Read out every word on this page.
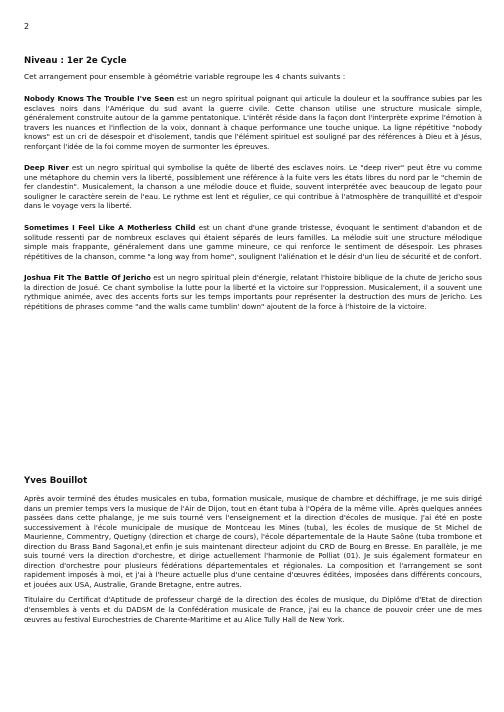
2
Niveau : 1er 2e Cycle
Cet arrangement pour ensemble à géométrie variable regroupe les 4 chants suivants :

Nobody Knows The Trouble I've Seen est un negro spiritual poignant qui articule la douleur et la souffrance subies par les esclaves noirs dans l'Amérique du sud avant la guerre civile. Cette chanson utilise une structure musicale simple, généralement construite autour de la gamme pentatonique. L'intérêt réside dans la façon dont l'interprète exprime l'émotion à travers les nuances et l'inflection de la voix, donnant à chaque performance une touche unique. La ligne répétitive "nobody knows" est un cri de désespoir et d'isolement, tandis que l'élément spirituel est souligné par des références à Dieu et à Jésus, renforçant l'idée de la foi comme moyen de surmonter les épreuves.

Deep River est un negro spiritual qui symbolise la quête de liberté des esclaves noirs. Le "deep river" peut être vu comme une métaphore du chemin vers la liberté, possiblement une référence à la fuite vers les états libres du nord par le "chemin de fer clandestin". Musicalement, la chanson a une mélodie douce et fluide, souvent interprétée avec beaucoup de legato pour souligner le caractère serein de l'eau. Le rythme est lent et régulier, ce qui contribue à l'atmosphère de tranquillité et d'espoir dans le voyage vers la liberté.

Sometimes I Feel Like A Motherless Child est un chant d'une grande tristesse, évoquant le sentiment d'abandon et de solitude ressenti par de nombreux esclaves qui étaient séparés de leurs familles. La mélodie suit une structure mélodique simple mais frappante, généralement dans une gamme mineure, ce qui renforce le sentiment de désespoir. Les phrases répétitives de la chanson, comme "a long way from home", soulignent l'aliénation et le désir d'un lieu de sécurité et de confort.

Joshua Fit The Battle Of Jericho est un negro spiritual plein d'énergie, relatant l'histoire biblique de la chute de Jericho sous la direction de Josué. Ce chant symbolise la lutte pour la liberté et la victoire sur l'oppression. Musicalement, il a souvent une rythmique animée, avec des accents forts sur les temps importants pour représenter la destruction des murs de Jericho. Les répétitions de phrases comme "and the walls came tumblin' down" ajoutent de la force à l'histoire de la victoire.

Yves Bouillot

Après avoir terminé des études musicales en tuba, formation musicale, musique de chambre et déchiffrage, je me suis dirigé dans un premier temps vers la musique de l'Air de Dijon, tout en étant tuba à l'Opéra de la même ville. Après quelques années passées dans cette phalange, je me suis tourné vers l'enseignement et la direction d'écoles de musique. J'ai été en poste successivement à l'école municipale de musique de Montceau les Mines (tuba), les écoles de musique de St Michel de Maurienne, Commentry, Quetigny (direction et charge de cours), l'école départementale de la Haute Saône (tuba trombone et direction du Brass Band Sagona),et enfin je suis maintenant directeur adjoint du CRD de Bourg en Bresse. En parallèle, je me suis tourné vers la direction d'orchestre, et dirige actuellement l'harmonie de Polliat (01). Je suis également formateur en direction d'orchestre pour plusieurs fédérations départementales et régionales. La composition et l'arrangement se sont rapidement imposés à moi, et j'ai à l'heure actuelle plus d'une centaine d'œuvres éditées, imposées dans différents concours, et jouées aux USA, Australie, Grande Bretagne, entre autres.

Titulaire du Certificat d'Aptitude de professeur chargé de la direction des écoles de musique, du Diplôme d'Etat de direction d'ensembles à vents et du DADSM de la Confédération musicale de France, j'ai eu la chance de pouvoir créer une de mes œuvres au festival Eurochestries de Charente-Maritime et au Alice Tully Hall de New York.
